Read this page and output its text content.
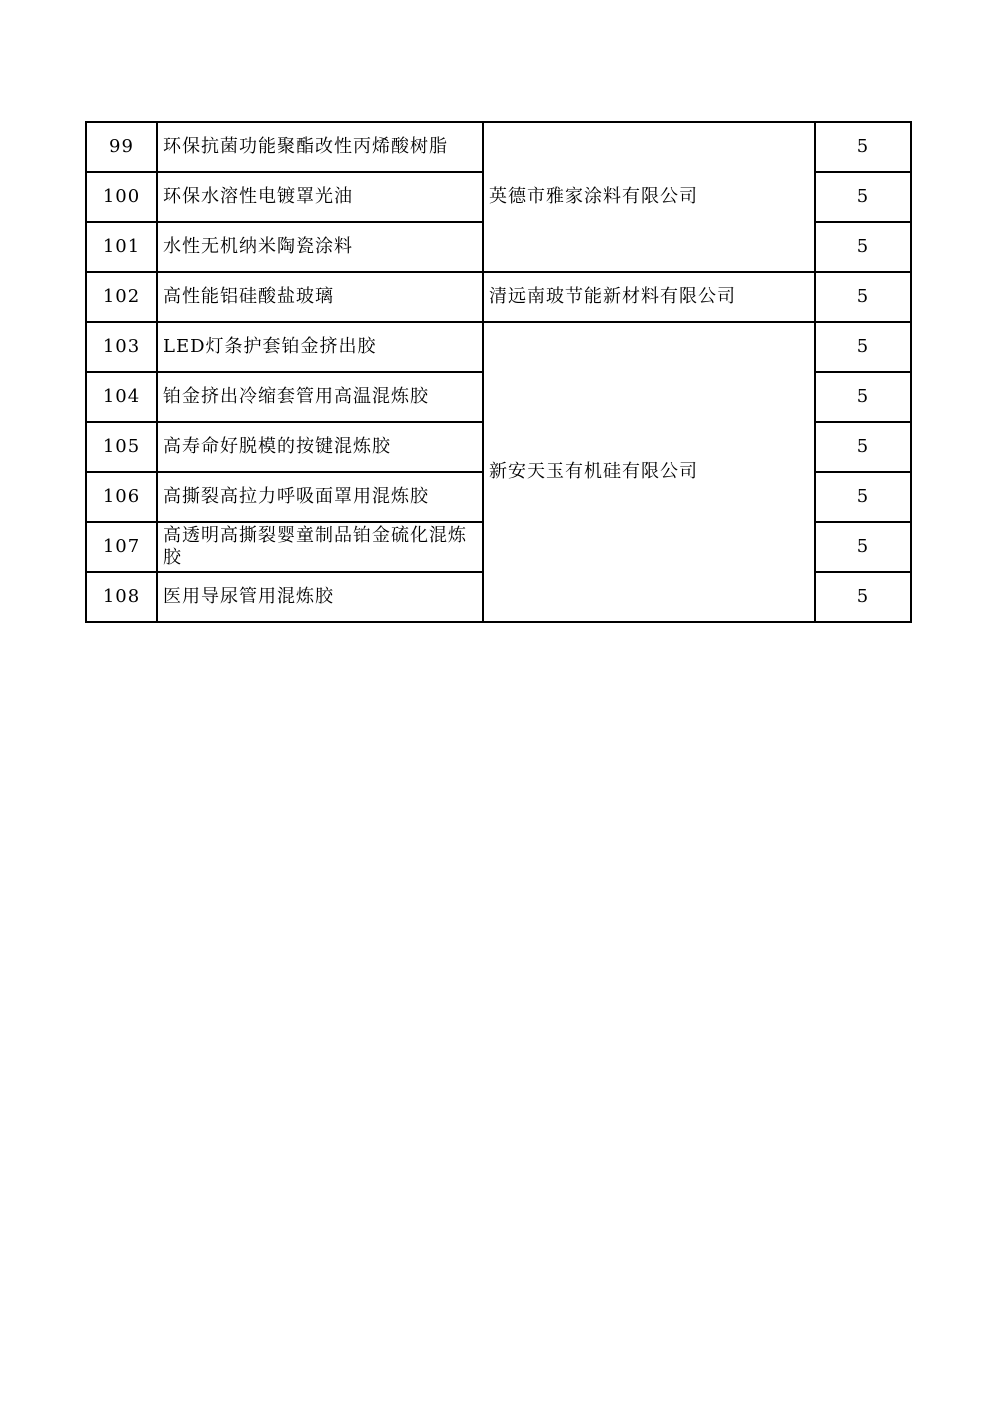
99	环保抗菌功能聚酯改性丙烯酸树脂	英德市雅家涂料有限公司	5
100	环保水溶性电镀罩光油		5
101	水性无机纳米陶瓷涂料		5
102	高性能铝硅酸盐玻璃	清远南玻节能新材料有限公司	5
103	LED灯条护套铂金挤出胶	新安天玉有机硅有限公司	5
104	铂金挤出冷缩套管用高温混炼胶		5
105	高寿命好脱模的按键混炼胶		5
106	高撕裂高拉力呼吸面罩用混炼胶		5
107	高透明高撕裂婴童制品铂金硫化混炼胶		5
108	医用导尿管用混炼胶		5
